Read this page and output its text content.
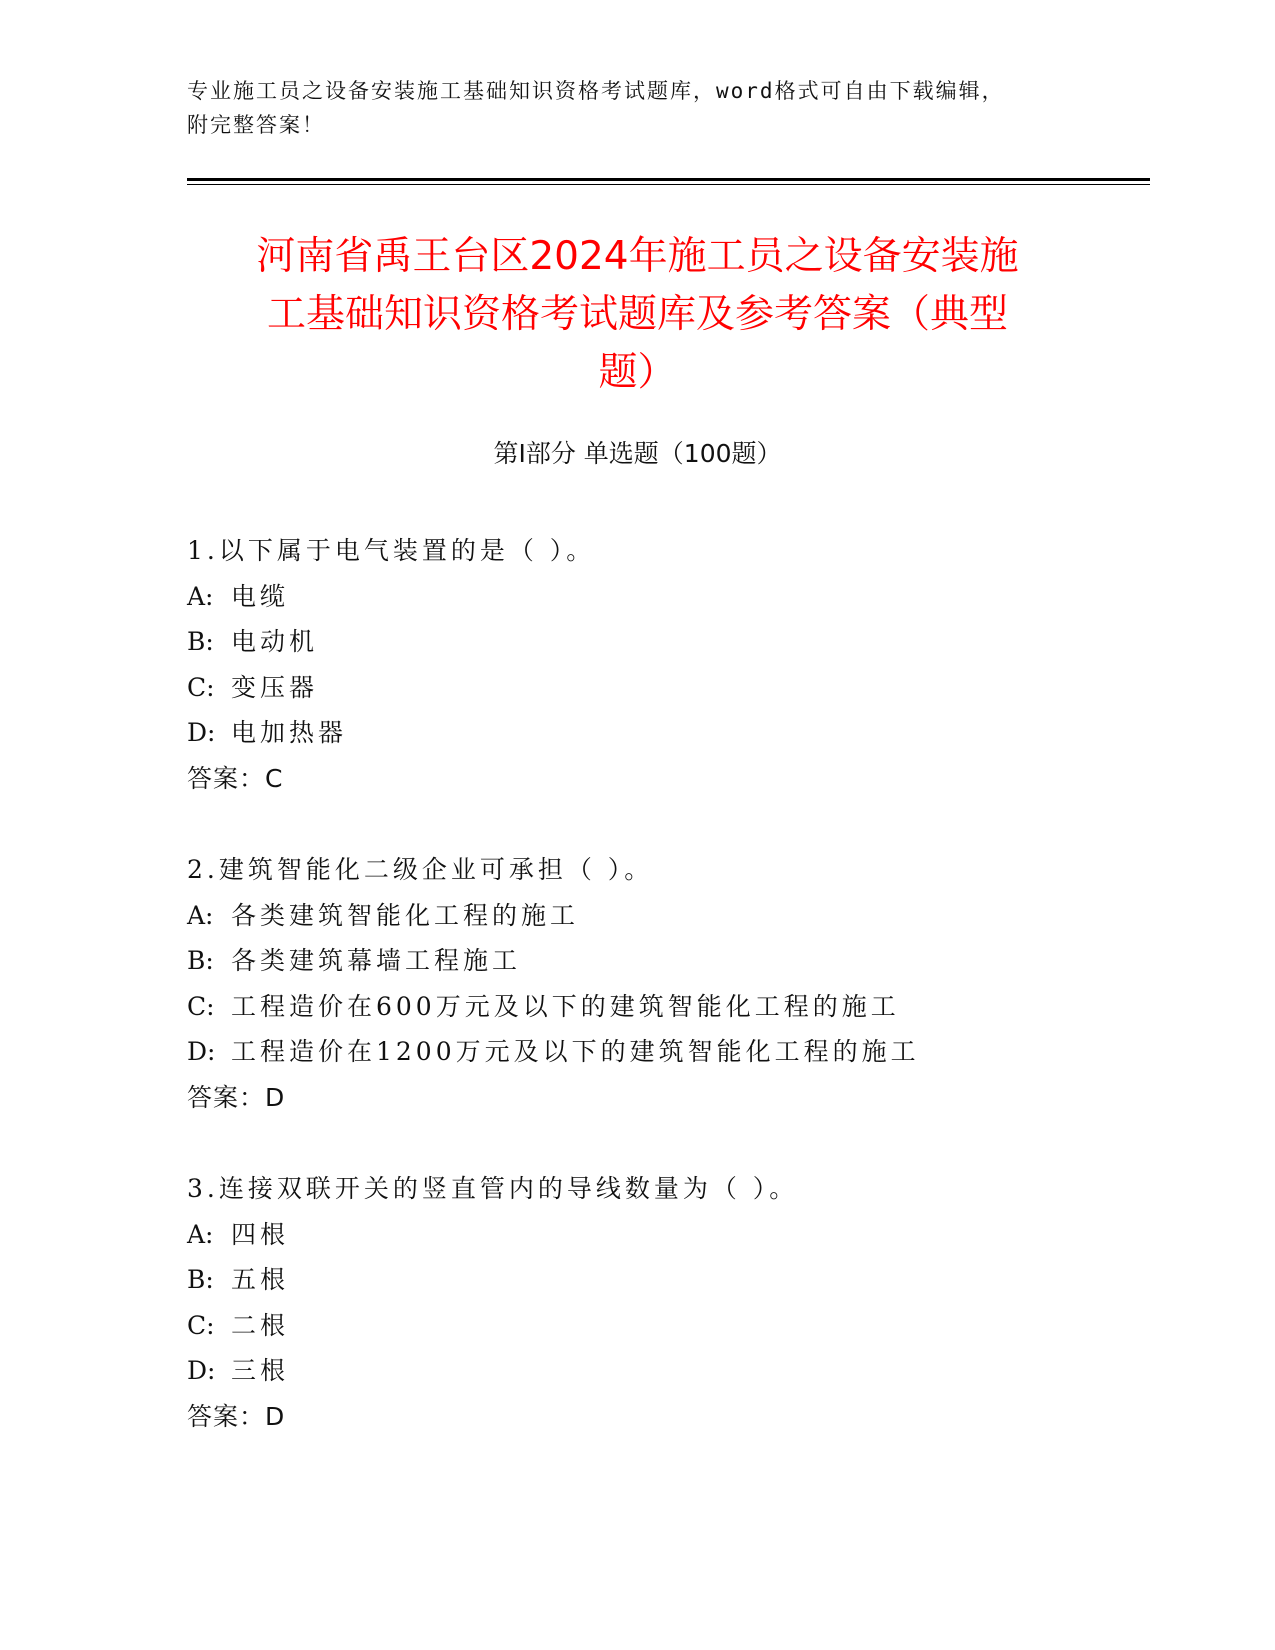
专业施工员之设备安装施工基础知识资格考试题库，word格式可自由下载编辑，
附完整答案！
河南省禹王台区2024年施工员之设备安装施
工基础知识资格考试题库及参考答案（典型
题）
第Ⅰ部分 单选题（100题）
1.以下属于电气装置的是（ ）。
A: 电缆
B: 电动机
C: 变压器
D: 电加热器
答案：C
2.建筑智能化二级企业可承担（ ）。
A: 各类建筑智能化工程的施工
B: 各类建筑幕墙工程施工
C: 工程造价在600万元及以下的建筑智能化工程的施工
D: 工程造价在1200万元及以下的建筑智能化工程的施工
答案：D
3.连接双联开关的竖直管内的导线数量为（ ）。
A: 四根
B: 五根
C: 二根
D: 三根
答案：D
